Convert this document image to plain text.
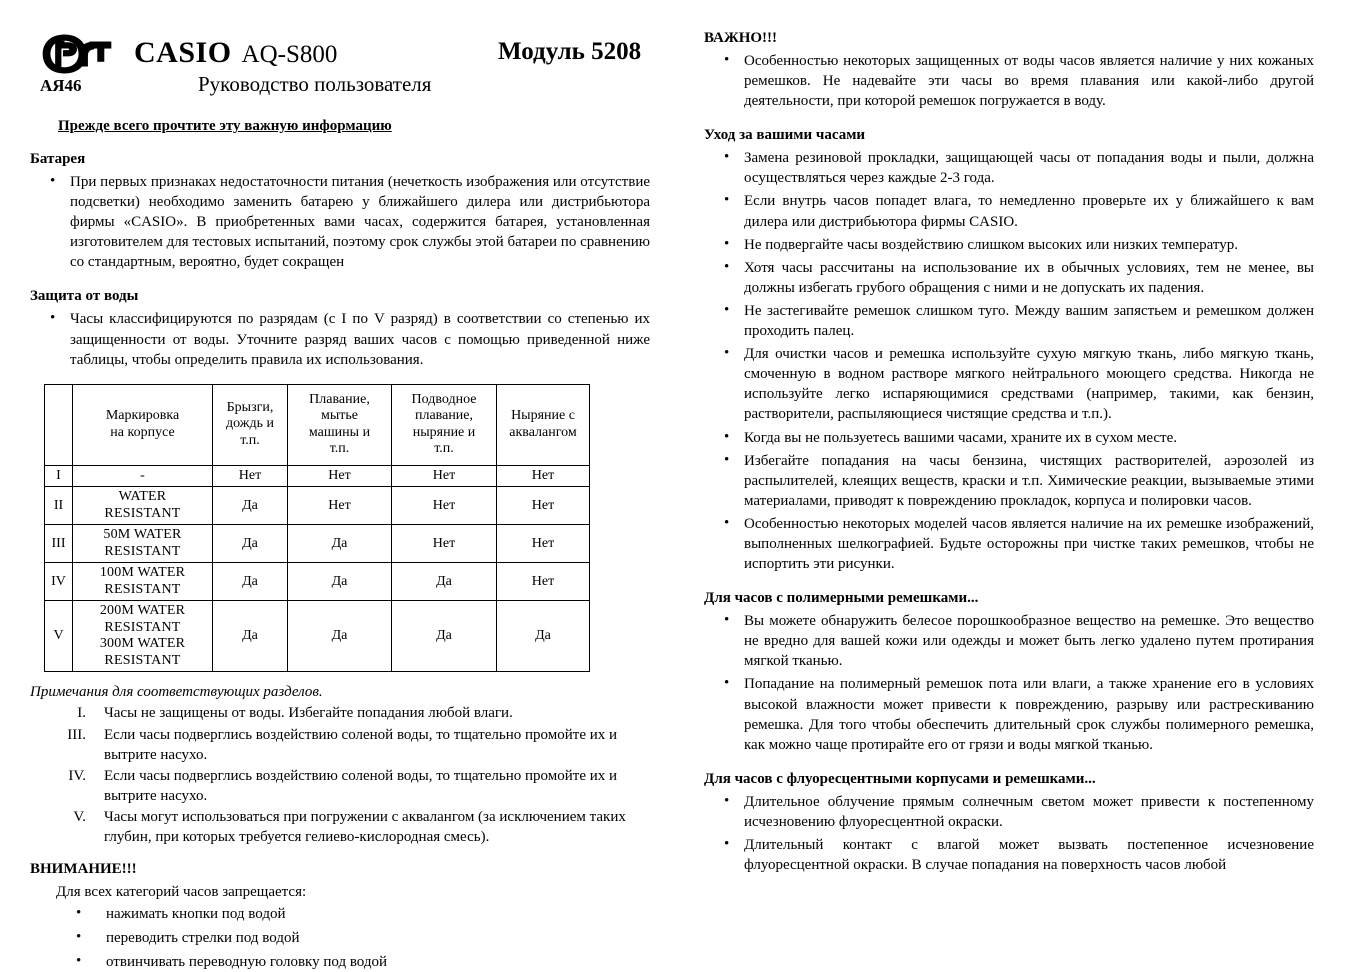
АЯ46
CASIO AQ-S800
Руководство пользователя
Модуль 5208
Прежде всего прочтите эту важную информацию
Батарея
• При первых признаках недостаточности питания (нечеткость изображения или отсутствие подсветки) необходимо заменить батарею у ближайшего дилера или дистрибьютора фирмы «CASIO». В приобретенных вами часах, содержится батарея, установленная изготовителем для тестовых испытаний, поэтому срок службы этой батареи по сравнению со стандартным, вероятно, будет сокращен
Защита от воды
• Часы классифицируются по разрядам (с I по V разряд) в соответствии со степенью их защищенности от воды. Уточните разряд ваших часов с помощью приведенной ниже таблицы, чтобы определить правила их использования.
	Маркировка
на корпусе	Брызги,
дождь и
т.п.	Плавание,
мытье
машины и
т.п.	Подводное
плавание,
ныряние и
т.п.	Ныряние с
аквалангом
I	-	Нет	Нет	Нет	Нет
II	WATER
RESISTANT	Да	Нет	Нет	Нет
III	50M WATER
RESISTANT	Да	Да	Нет	Нет
IV	100M WATER
RESISTANT	Да	Да	Да	Нет
V	200M WATER
RESISTANT
300M WATER
RESISTANT	Да	Да	Да	Да
Примечания для соответствующих разделов.
I. Часы не защищены от воды. Избегайте попадания любой влаги.
III. Если часы подверглись воздействию соленой воды, то тщательно промойте их и вытрите насухо.
IV. Если часы подверглись воздействию соленой воды, то тщательно промойте их и вытрите насухо.
V. Часы могут использоваться при погружении с аквалангом (за исключением таких глубин, при которых требуется гелиево-кислородная смесь).
ВНИМАНИЕ!!!
Для всех категорий часов запрещается:
• нажимать кнопки под водой
• переводить стрелки под водой
• отвинчивать переводную головку под водой
ВАЖНО!!!
• Особенностью некоторых защищенных от воды часов является наличие у них кожаных ремешков. Не надевайте эти часы во время плавания или какой-либо другой деятельности, при которой ремешок погружается в воду.
Уход за вашими часами
• Замена резиновой прокладки, защищающей часы от попадания воды и пыли, должна осуществляться через каждые 2-3 года.
• Если внутрь часов попадет влага, то немедленно проверьте их у ближайшего к вам дилера или дистрибьютора фирмы CASIO.
• Не подвергайте часы воздействию слишком высоких или низких температур.
• Хотя часы рассчитаны на использование их в обычных условиях, тем не менее, вы должны избегать грубого обращения с ними и не допускать их падения.
• Не застегивайте ремешок слишком туго. Между вашим запястьем и ремешком должен проходить палец.
• Для очистки часов и ремешка используйте сухую мягкую ткань, либо мягкую ткань, смоченную в водном растворе мягкого нейтрального моющего средства. Никогда не используйте легко испаряющимися средствами (например, такими, как бензин, растворители, распыляющиеся чистящие средства и т.п.).
• Когда вы не пользуетесь вашими часами, храните их в сухом месте.
• Избегайте попадания на часы бензина, чистящих растворителей, аэрозолей из распылителей, клеящих веществ, краски и т.п. Химические реакции, вызываемые этими материалами, приводят к повреждению прокладок, корпуса и полировки часов.
• Особенностью некоторых моделей часов является наличие на их ремешке изображений, выполненных шелкографией. Будьте осторожны при чистке таких ремешков, чтобы не испортить эти рисунки.
Для часов с полимерными ремешками...
• Вы можете обнаружить белесое порошкообразное вещество на ремешке. Это вещество не вредно для вашей кожи или одежды и может быть легко удалено путем протирания мягкой тканью.
• Попадание на полимерный ремешок пота или влаги, а также хранение его в условиях высокой влажности может привести к повреждению, разрыву или растрескиванию ремешка. Для того чтобы обеспечить длительный срок службы полимерного ремешка, как можно чаще протирайте его от грязи и воды мягкой тканью.
Для часов с флуоресцентными корпусами и ремешками...
• Длительное облучение прямым солнечным светом может привести к постепенному исчезновению флуоресцентной окраски.
• Длительный контакт с влагой может вызвать постепенное исчезновение флуоресцентной окраски. В случае попадания на поверхность часов любой
